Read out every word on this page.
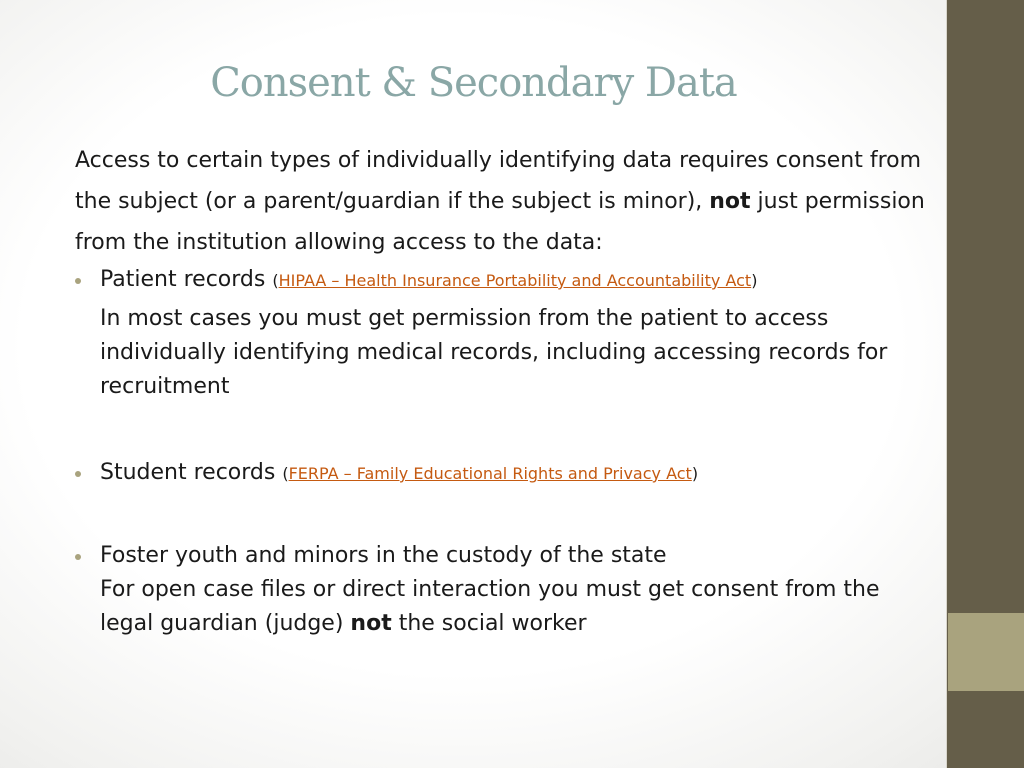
Consent & Secondary Data

Access to certain types of individually identifying data requires consent from the subject (or a parent/guardian if the subject is minor), not just permission from the institution allowing access to the data:

Patient records (HIPAA – Health Insurance Portability and Accountability Act)
In most cases you must get permission from the patient to access individually identifying medical records, including accessing records for recruitment
Student records (FERPA – Family Educational Rights and Privacy Act)
Foster youth and minors in the custody of the state
For open case files or direct interaction you must get consent from the legal guardian (judge) not the social worker
